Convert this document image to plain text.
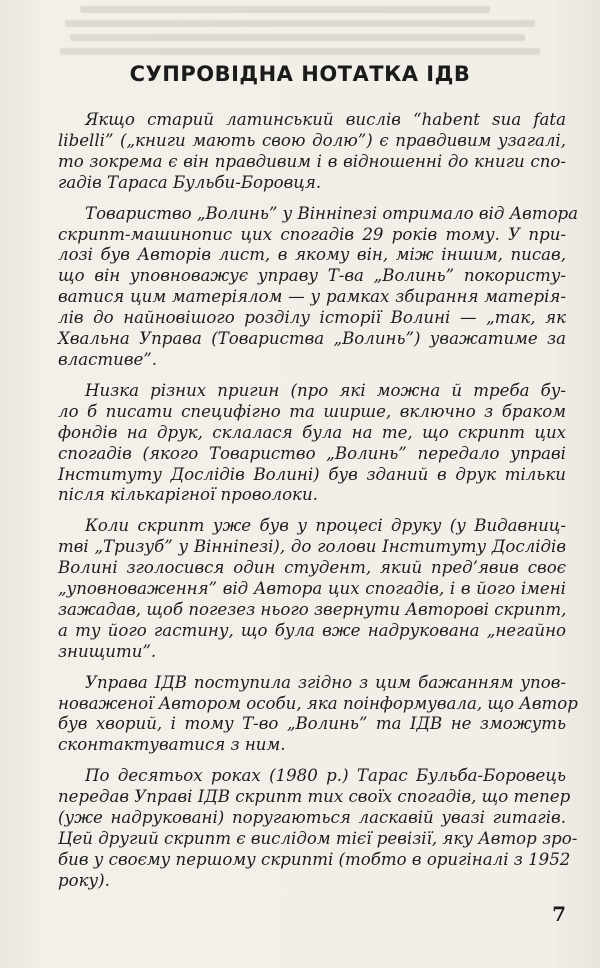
СУПРОВІДНА НОТАТКА ІДВ
Якщо старий латинський вислів “habent sua fata
libelli” („книги мають свою долю”) є правдивим узагалі,
то зокрема є він правдивим і в відношенні до книги спо-
гадів Тараса Бульби-Боровця.
Товариство „Волинь” у Вінніпезі отримало від Автора
скрипт-машинопис цих спогадів 29 років тому. У при-
лозі був Авторів лист, в якому він, між іншим, писав,
що він уповноважує управу Т-ва „Волинь” покористу-
ватися цим матеріялом — у рамках збирання матерія-
лів до найновішого розділу історії Волині — „так, як
Хвальна Управа (Товариства „Волинь”) уважатиме за
властиве”.
Низка різних пригин (про які можна й треба бу-
ло б писати специфігно та ширше, включно з браком
фондів на друк, склалася була на те, що скрипт цих
спогадів (якого Товариство „Волинь” передало управі
Інституту Дослідів Волині) був зданий в друк тільки
після кількарігної проволоки.
Коли скрипт уже був у процесі друку (у Видавниц-
тві „Тризуб” у Вінніпезі), до голови Інституту Дослідів
Волині зголосився один студент, який пред’явив своє
„уповноваження” від Автора цих спогадів, і в його імені
зажадав, щоб погезез нього звернути Авторові скрипт,
а ту його гастину, що була вже надрукована „негайно
знищити”.
Управа ІДВ поступила згідно з цим бажанням упов-
новаженої Автором особи, яка поінформувала, що Автор
був хворий, і тому Т-во „Волинь” та ІДВ не зможуть
сконтактуватися з ним.
По десятьох роках (1980 р.) Тарас Бульба-Боровець
передав Управі ІДВ скрипт тих своїх спогадів, що тепер
(уже надруковані) поругаються ласкавій увазі гитагів.
Цей другий скрипт є вислідом тієї ревізії, яку Автор зро-
бив у своєму першому скрипті (тобто в оригіналі з 1952
року).
7
